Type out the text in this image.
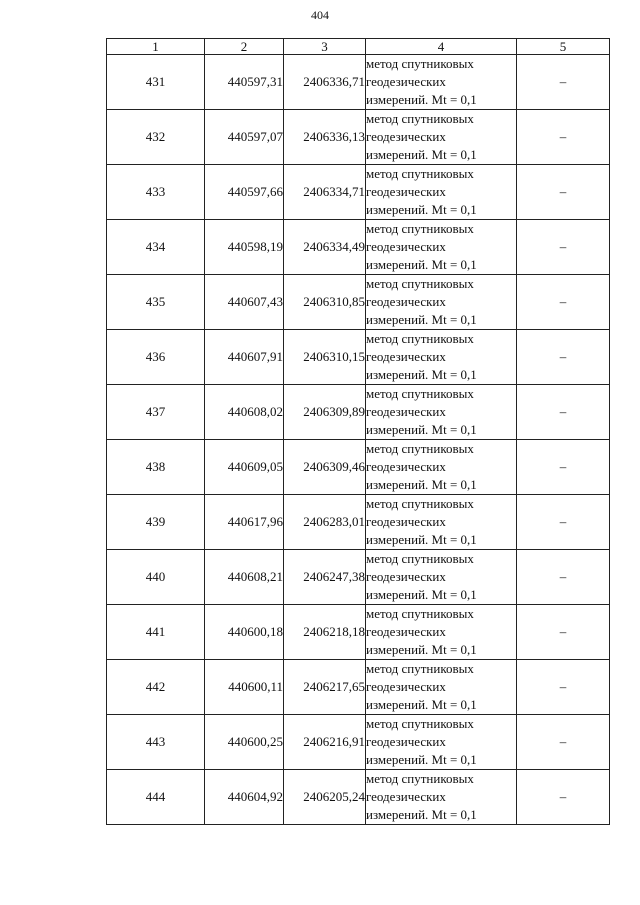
404
1	2	3	4	5
431	440597,31	2406336,71	метод спутниковых
геодезических
измерений. Mt = 0,1	–
432	440597,07	2406336,13	метод спутниковых
геодезических
измерений. Mt = 0,1	–
433	440597,66	2406334,71	метод спутниковых
геодезических
измерений. Mt = 0,1	–
434	440598,19	2406334,49	метод спутниковых
геодезических
измерений. Mt = 0,1	–
435	440607,43	2406310,85	метод спутниковых
геодезических
измерений. Mt = 0,1	–
436	440607,91	2406310,15	метод спутниковых
геодезических
измерений. Mt = 0,1	–
437	440608,02	2406309,89	метод спутниковых
геодезических
измерений. Mt = 0,1	–
438	440609,05	2406309,46	метод спутниковых
геодезических
измерений. Mt = 0,1	–
439	440617,96	2406283,01	метод спутниковых
геодезических
измерений. Mt = 0,1	–
440	440608,21	2406247,38	метод спутниковых
геодезических
измерений. Mt = 0,1	–
441	440600,18	2406218,18	метод спутниковых
геодезических
измерений. Mt = 0,1	–
442	440600,11	2406217,65	метод спутниковых
геодезических
измерений. Mt = 0,1	–
443	440600,25	2406216,91	метод спутниковых
геодезических
измерений. Mt = 0,1	–
444	440604,92	2406205,24	метод спутниковых
геодезических
измерений. Mt = 0,1	–
